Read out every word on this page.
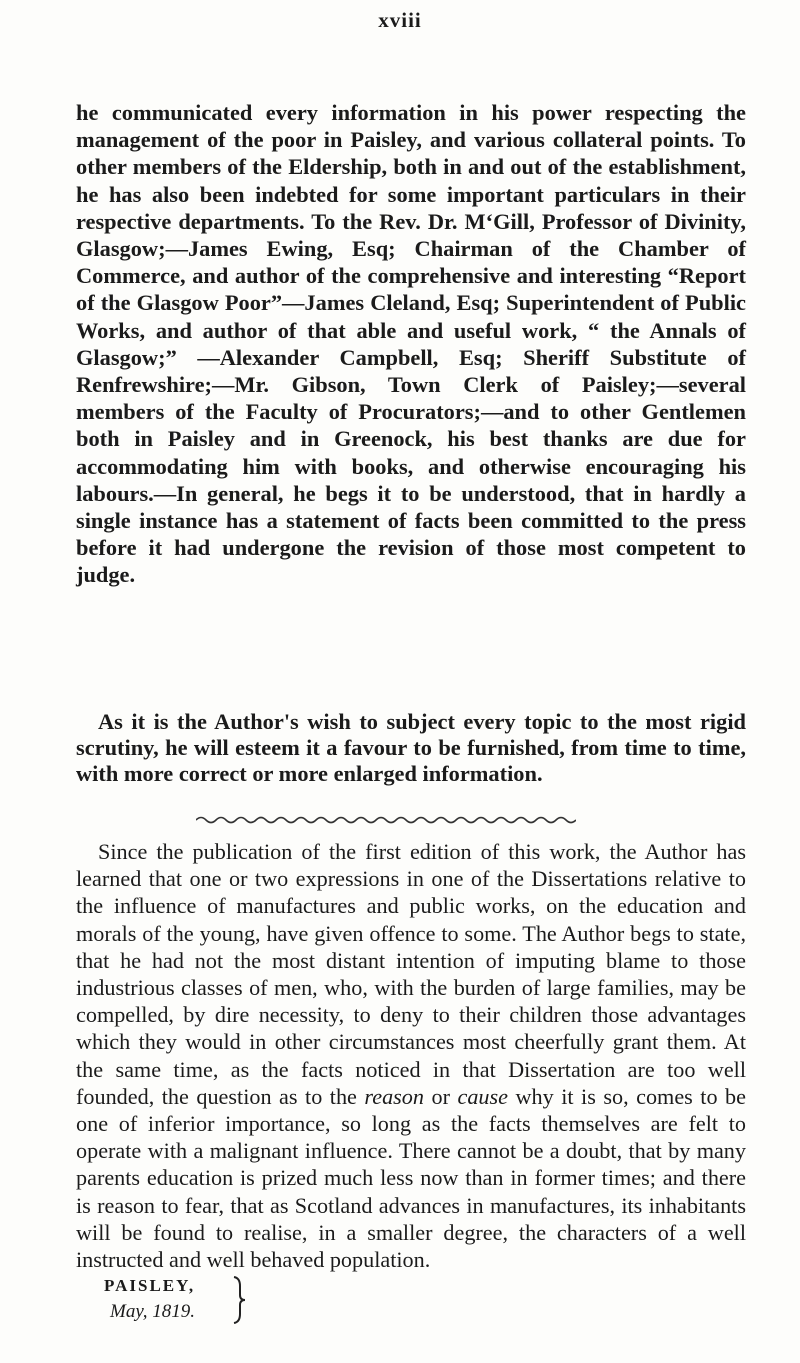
xviii

he communicated every information in his power respecting the management of the poor in Paisley, and various collateral points. To other members of the Eldership, both in and out of the establishment, he has also been indebted for some important particulars in their respective departments. To the Rev. Dr. M‘Gill, Professor of Divinity, Glasgow;—James Ewing, Esq; Chairman of the Chamber of Commerce, and author of the comprehensive and interesting “Report of the Glasgow Poor”—James Cleland, Esq; Superintendent of Public Works, and author of that able and useful work, “ the Annals of Glasgow;” —Alexander Campbell, Esq; Sheriff Substitute of Renfrewshire;—Mr. Gibson, Town Clerk of Paisley;—several members of the Faculty of Procurators;—and to other Gentlemen both in Paisley and in Greenock, his best thanks are due for accommodating him with books, and otherwise encouraging his labours.—In general, he begs it to be understood, that in hardly a single instance has a statement of facts been committed to the press before it had undergone the revision of those most competent to judge.

As it is the Author's wish to subject every topic to the most rigid scrutiny, he will esteem it a favour to be furnished, from time to time, with more correct or more enlarged information.

Since the publication of the first edition of this work, the Author has learned that one or two expressions in one of the Dissertations relative to the influence of manufactures and public works, on the education and morals of the young, have given offence to some. The Author begs to state, that he had not the most distant intention of imputing blame to those industrious classes of men, who, with the burden of large families, may be compelled, by dire necessity, to deny to their children those advantages which they would in other circumstances most cheerfully grant them. At the same time, as the facts noticed in that Dissertation are too well founded, the question as to the reason or cause why it is so, comes to be one of inferior importance, so long as the facts themselves are felt to operate with a malignant influence. There cannot be a doubt, that by many parents education is prized much less now than in former times; and there is reason to fear, that as Scotland advances in manufactures, its inhabitants will be found to realise, in a smaller degree, the characters of a well instructed and well behaved population.

PAISLEY,
May, 1819.
